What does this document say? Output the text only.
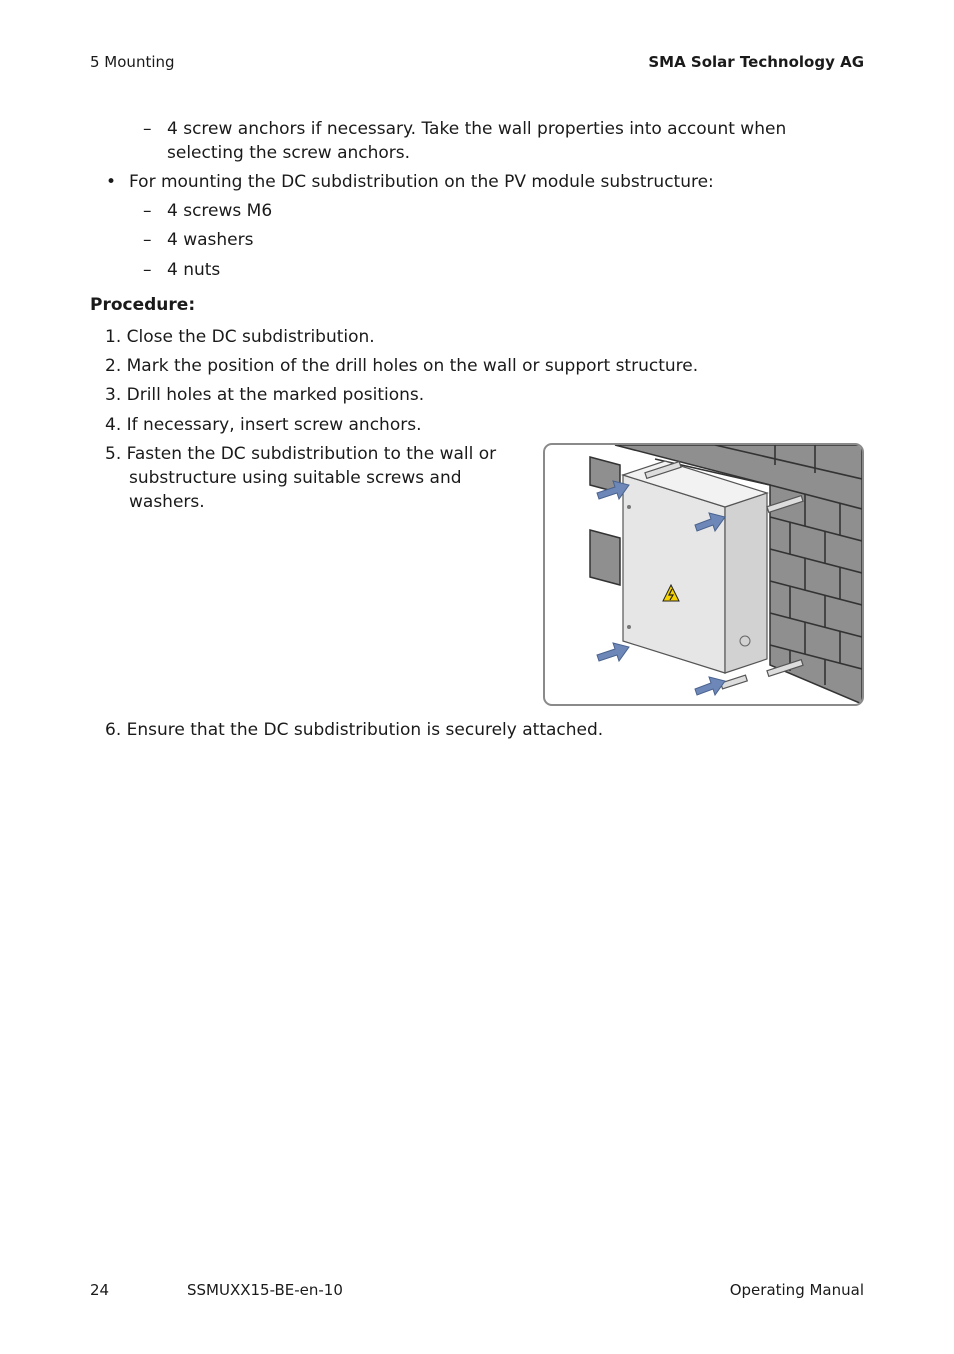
5 Mounting	SMA Solar Technology AG
– 4 screw anchors if necessary. Take the wall properties into account when selecting the screw anchors.
• For mounting the DC subdistribution on the PV module substructure:
– 4 screws M6
– 4 washers
– 4 nuts
Procedure:
1. Close the DC subdistribution.
2. Mark the position of the drill holes on the wall or support structure.
3. Drill holes at the marked positions.
4. If necessary, insert screw anchors.
5. Fasten the DC subdistribution to the wall or substructure using suitable screws and washers.
6. Ensure that the DC subdistribution is securely attached.
24	SSMUXX15-BE-en-10	Operating Manual
